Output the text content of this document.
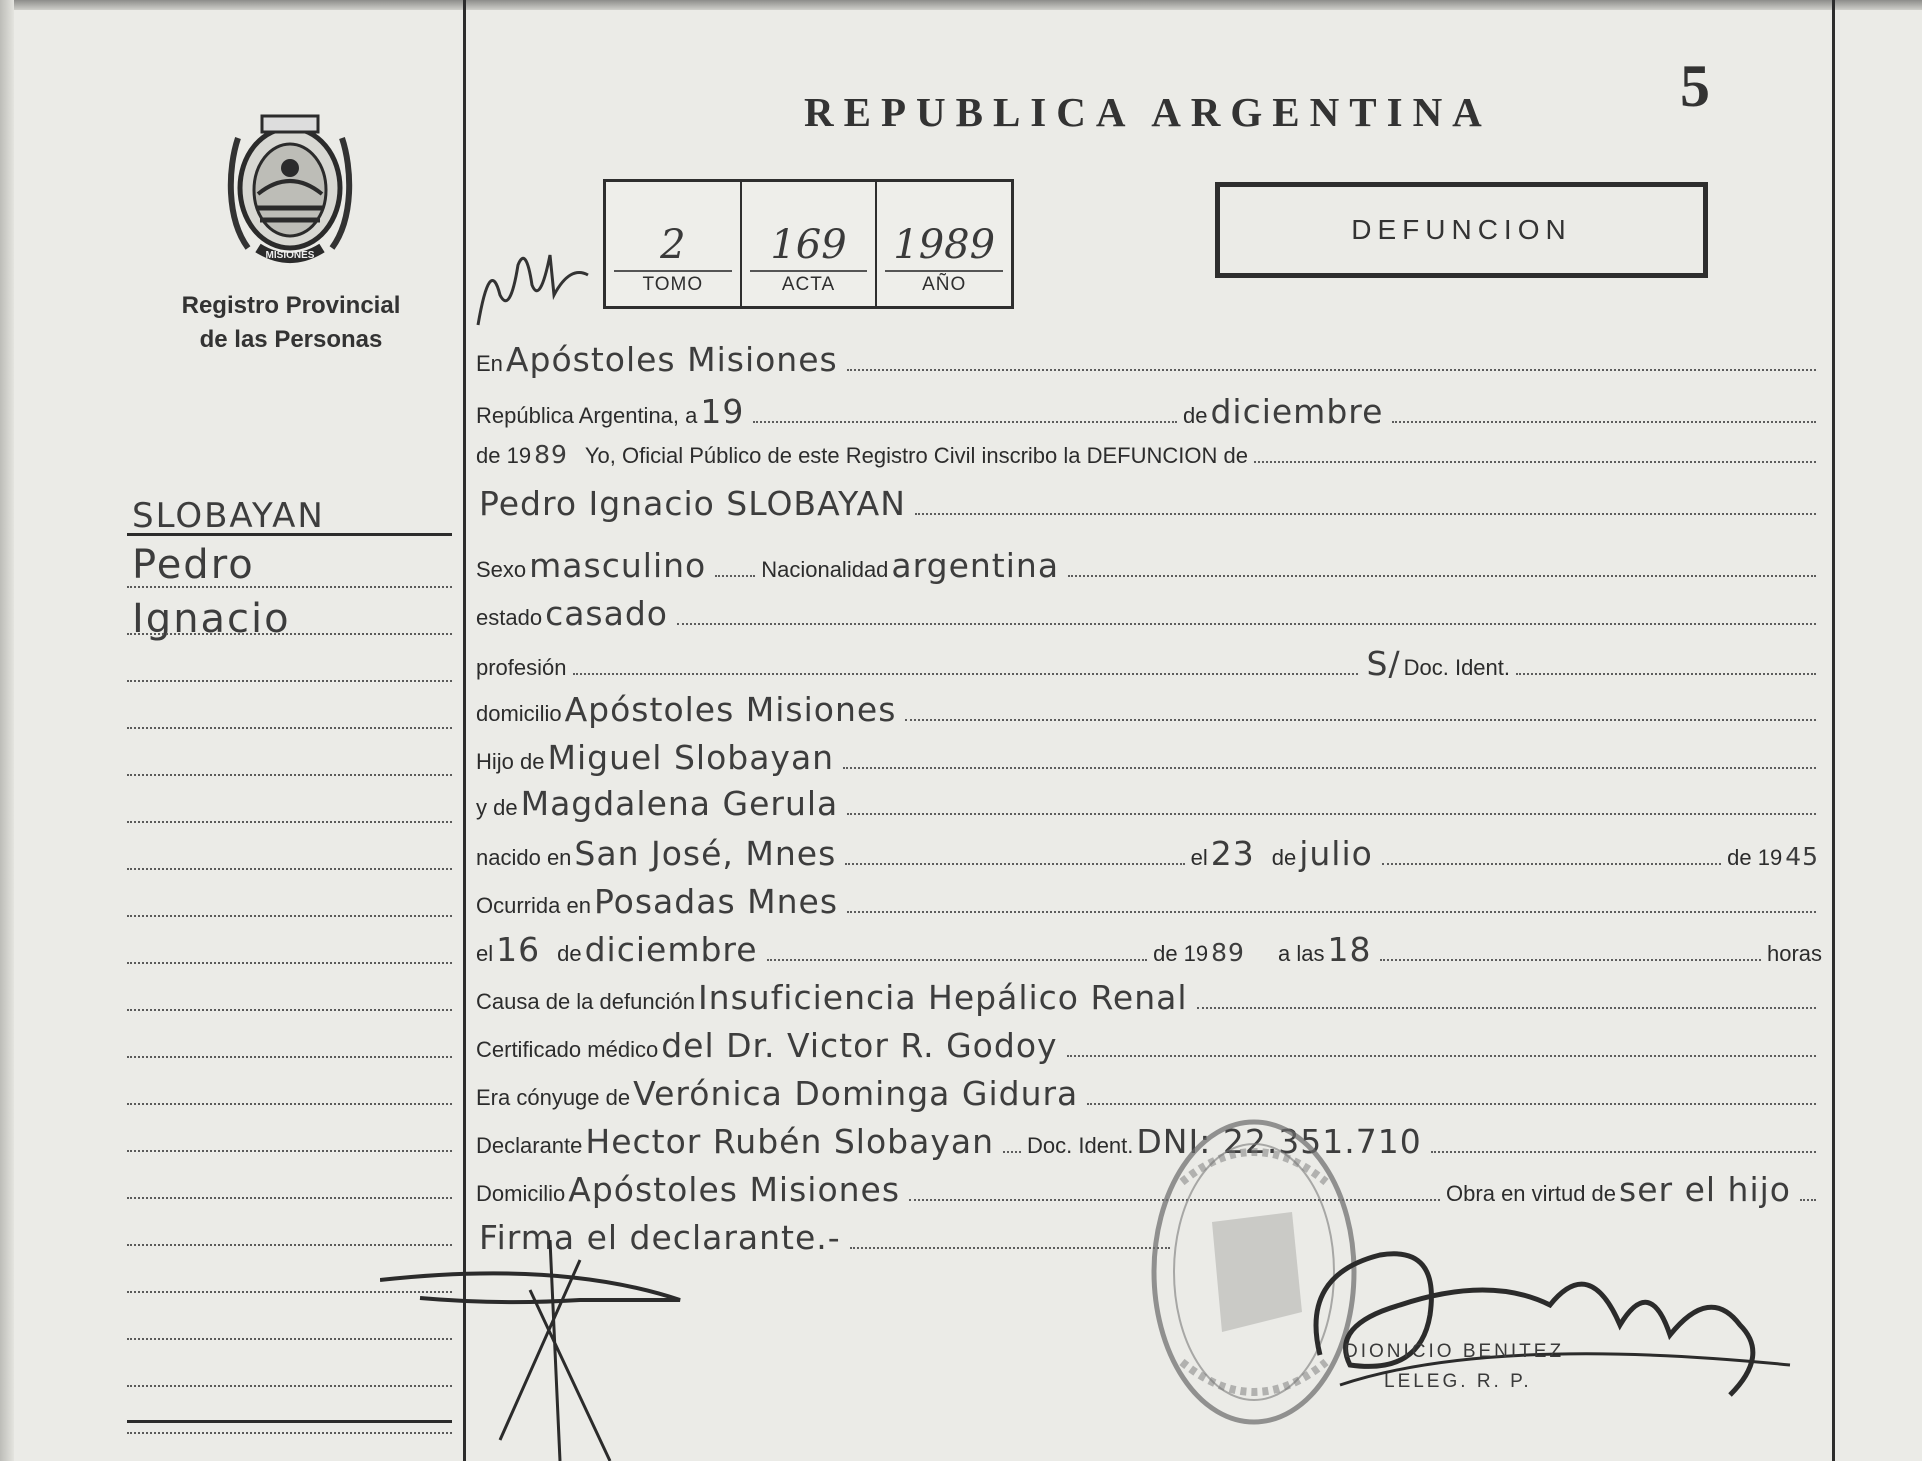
MISIONES
Registro Provincial
de las Personas
REPUBLICA ARGENTINA	5
2
TOMO
169
ACTA
1989
AÑO
DEFUNCION
SLOBAYAN
Pedro
Ignacio
En Apóstoles Misiones
República Argentina, a 19	de diciembre
de 19 89 Yo, Oficial Público de este Registro Civil inscribo la DEFUNCION de
Pedro Ignacio SLOBAYAN
Sexo masculino	Nacionalidad argentina
estado casado
profesión	S/ Doc. Ident.
domicilio Apóstoles Misiones
Hijo de Miguel Slobayan
y de Magdalena Gerula
nacido en San José, Mnes	el 23 de julio	de 19 45
Ocurrida en Posadas Mnes
el 16 de diciembre	de 19 89 a las 18	horas
Causa de la defunción Insuficiencia Hepálico Renal
Certificado médico del Dr. Victor R. Godoy
Era cónyuge de Verónica Dominga Gidura
Declarante Hector Rubén Slobayan Doc. Ident. DNI: 22.351.710
Domicilio Apóstoles Misiones	Obra en virtud de ser el hijo
Firma el declarante.-
DIONICIO BENITEZ
LELEG. R. P.
